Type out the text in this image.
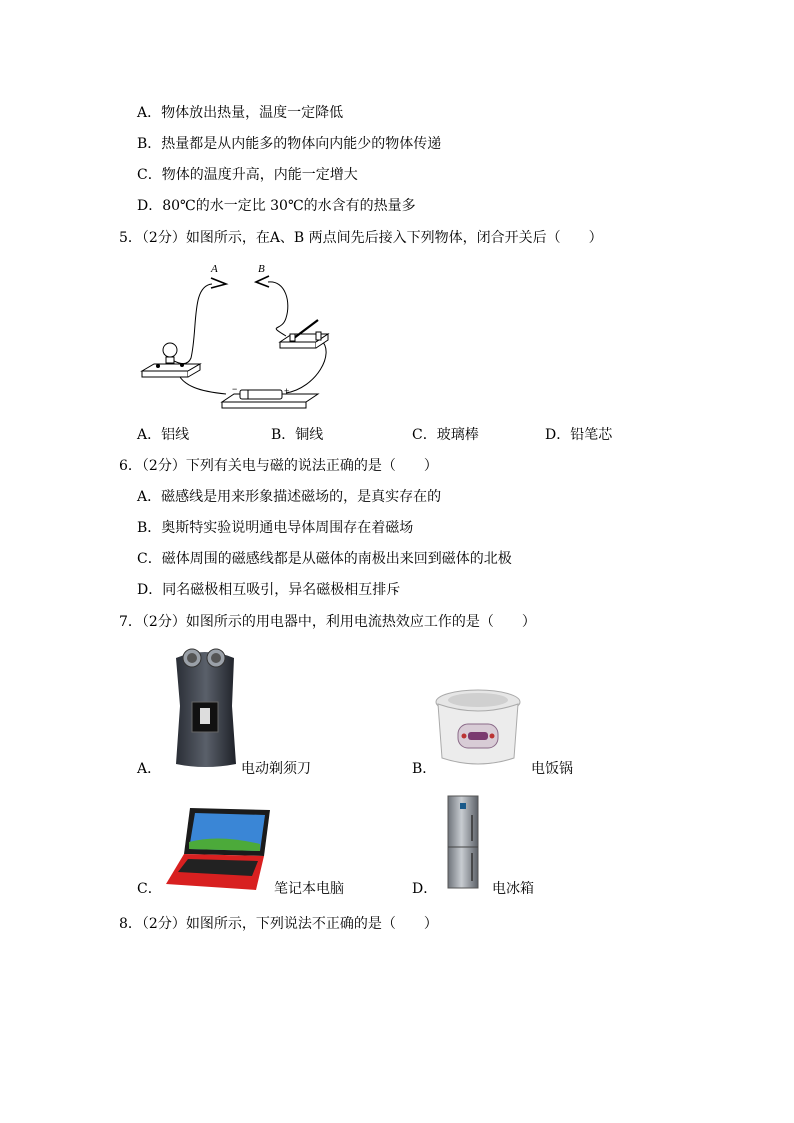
A．物体放出热量，温度一定降低
B．热量都是从内能多的物体向内能少的物体传递
C．物体的温度升高，内能一定增大
D．80℃的水一定比 30℃的水含有的热量多
5．（2分）如图所示，在A、B 两点间先后接入下列物体，闭合开关后（　　）
A	B
−	+
A．铝线	B．铜线	C．玻璃棒	D．铅笔芯
6．（2分）下列有关电与磁的说法正确的是（　　）
A．磁感线是用来形象描述磁场的，是真实存在的
B．奥斯特实验说明通电导体周围存在着磁场
C．磁体周围的磁感线都是从磁体的南极出来回到磁体的北极
D．同名磁极相互吸引，异名磁极相互排斥
7．（2分）如图所示的用电器中，利用电流热效应工作的是（　　）
A．	电动剃须刀	B．	电饭锅
C．	笔记本电脑	D．	电冰箱
8．（2分）如图所示，下列说法不正确的是（　　）
